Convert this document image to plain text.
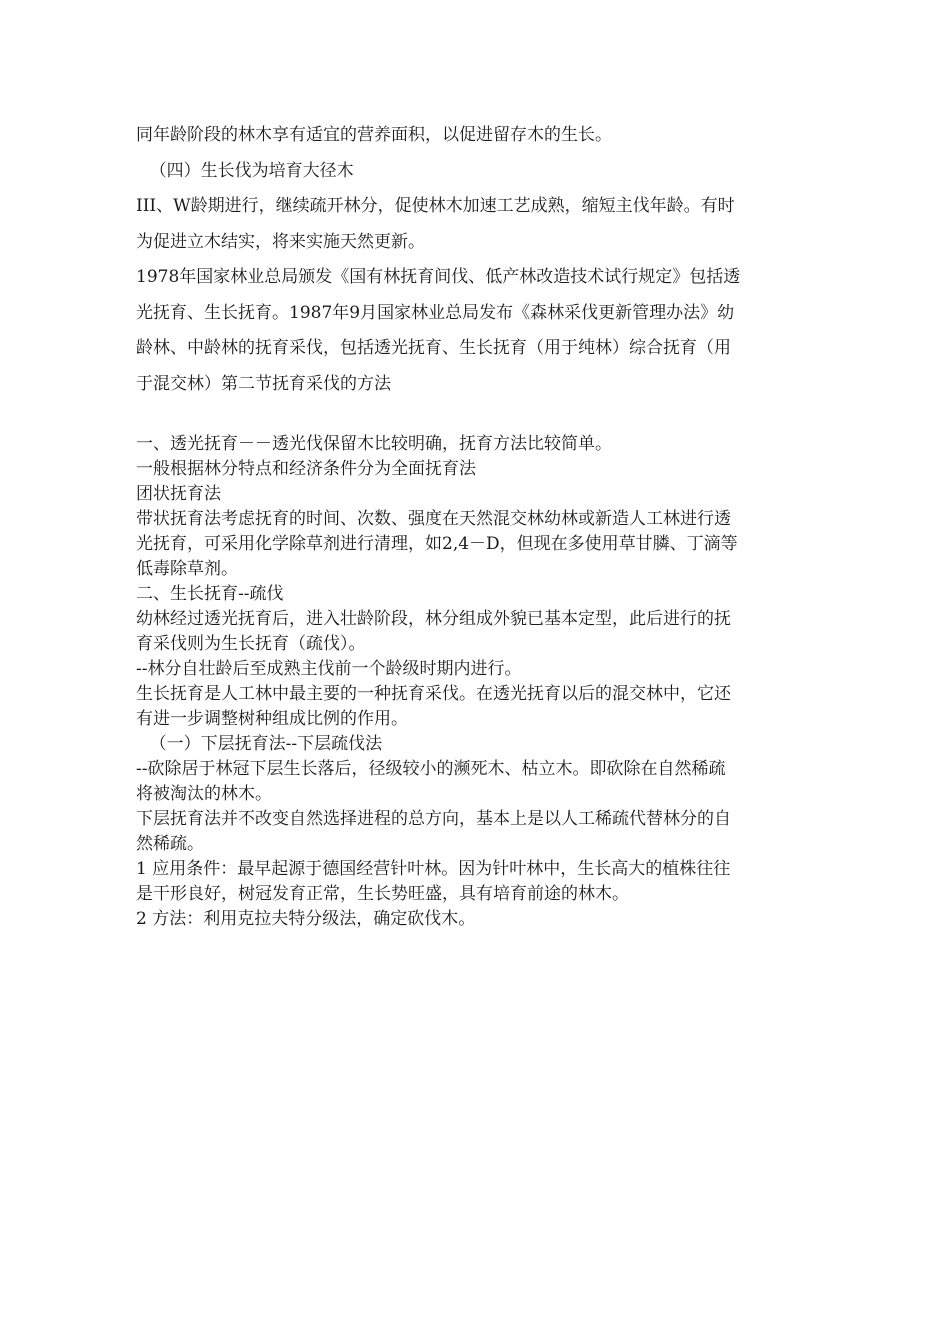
同年龄阶段的林木享有适宜的营养面积，以促进留存木的生长。

（四）生长伐为培育大径木

III、W龄期进行，继续疏开林分，促使林木加速工艺成熟，缩短主伐年龄。有时

为促进立木结实，将来实施天然更新。

1978年国家林业总局颁发《国有林抚育间伐、低产林改造技术试行规定》包括透

光抚育、生长抚育。1987年9月国家林业总局发布《森林采伐更新管理办法》幼

龄林、中龄林的抚育采伐，包括透光抚育、生长抚育（用于纯林）综合抚育（用

于混交林）第二节抚育采伐的方法

一、透光抚育－－透光伐保留木比较明确，抚育方法比较简单。

一般根据林分特点和经济条件分为全面抚育法

团状抚育法

带状抚育法考虑抚育的时间、次数、强度在天然混交林幼林或新造人工林进行透

光抚育，可采用化学除草剂进行清理，如2,4－D，但现在多使用草甘膦、丁滴等

低毒除草剂。

二、生长抚育--疏伐

幼林经过透光抚育后，进入壮龄阶段，林分组成外貌已基本定型，此后进行的抚

育采伐则为生长抚育（疏伐）。

--林分自壮龄后至成熟主伐前一个龄级时期内进行。

生长抚育是人工林中最主要的一种抚育采伐。在透光抚育以后的混交林中，它还

有进一步调整树种组成比例的作用。

（一）下层抚育法--下层疏伐法

--砍除居于林冠下层生长落后，径级较小的濒死木、枯立木。即砍除在自然稀疏

将被淘汰的林木。

下层抚育法并不改变自然选择进程的总方向，基本上是以人工稀疏代替林分的自

然稀疏。

1 应用条件：最早起源于德国经营针叶林。因为针叶林中，生长高大的植株往往

是干形良好，树冠发育正常，生长势旺盛，具有培育前途的林木。

2 方法：利用克拉夫特分级法，确定砍伐木。
